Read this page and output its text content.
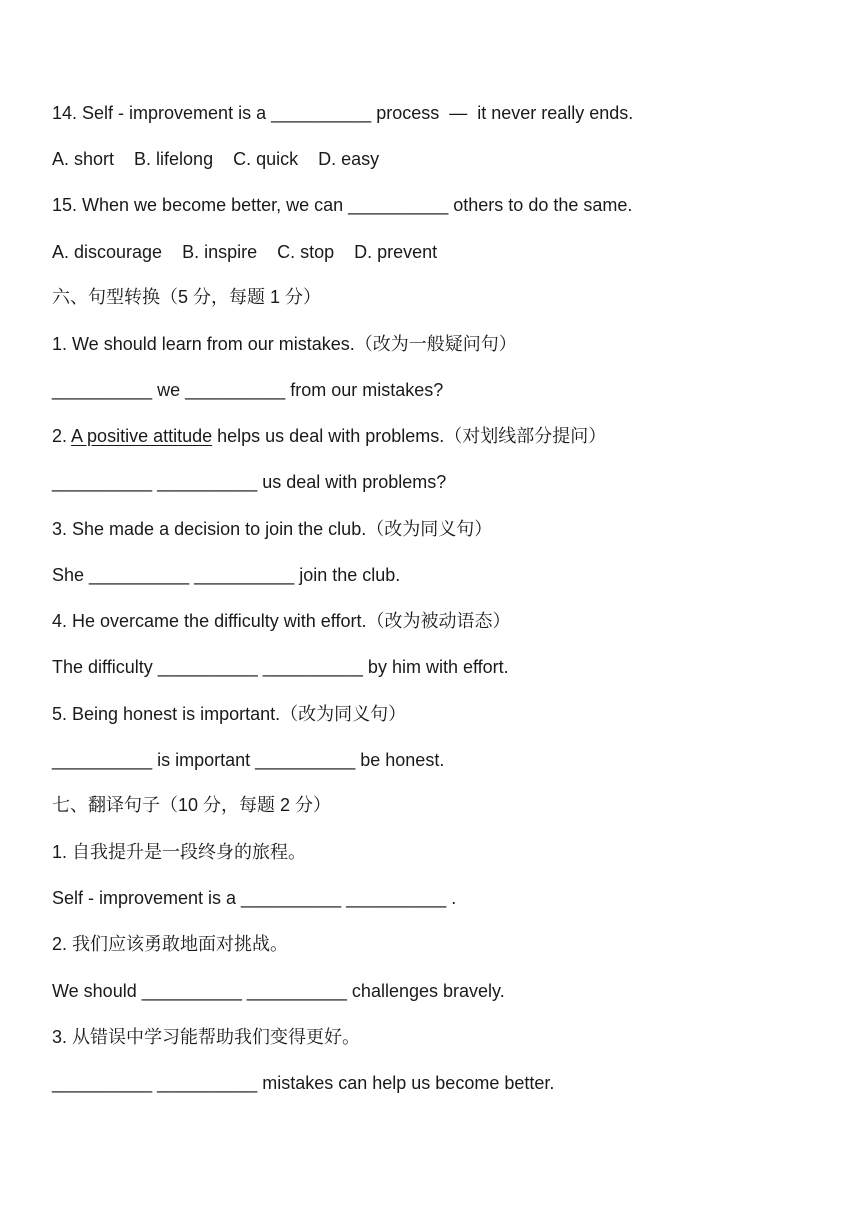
14. Self - improvement is a __________ process  —  it never really ends.
A. short    B. lifelong    C. quick    D. easy
15. When we become better, we can __________ others to do the same.
A. discourage    B. inspire    C. stop    D. prevent
六、句型转换（5 分，每题 1 分）
1. We should learn from our mistakes.（改为一般疑问句）
__________ we __________ from our mistakes?
2. A positive attitude helps us deal with problems.（对划线部分提问）
__________ __________ us deal with problems?
3. She made a decision to join the club.（改为同义句）
She __________ __________ join the club.
4. He overcame the difficulty with effort.（改为被动语态）
The difficulty __________ __________ by him with effort.
5. Being honest is important.（改为同义句）
__________ is important __________ be honest.
七、翻译句子（10 分，每题 2 分）
1. 自我提升是一段终身的旅程。
Self - improvement is a __________ __________ .
2. 我们应该勇敢地面对挑战。
We should __________ __________ challenges bravely.
3. 从错误中学习能帮助我们变得更好。
__________ __________ mistakes can help us become better.
